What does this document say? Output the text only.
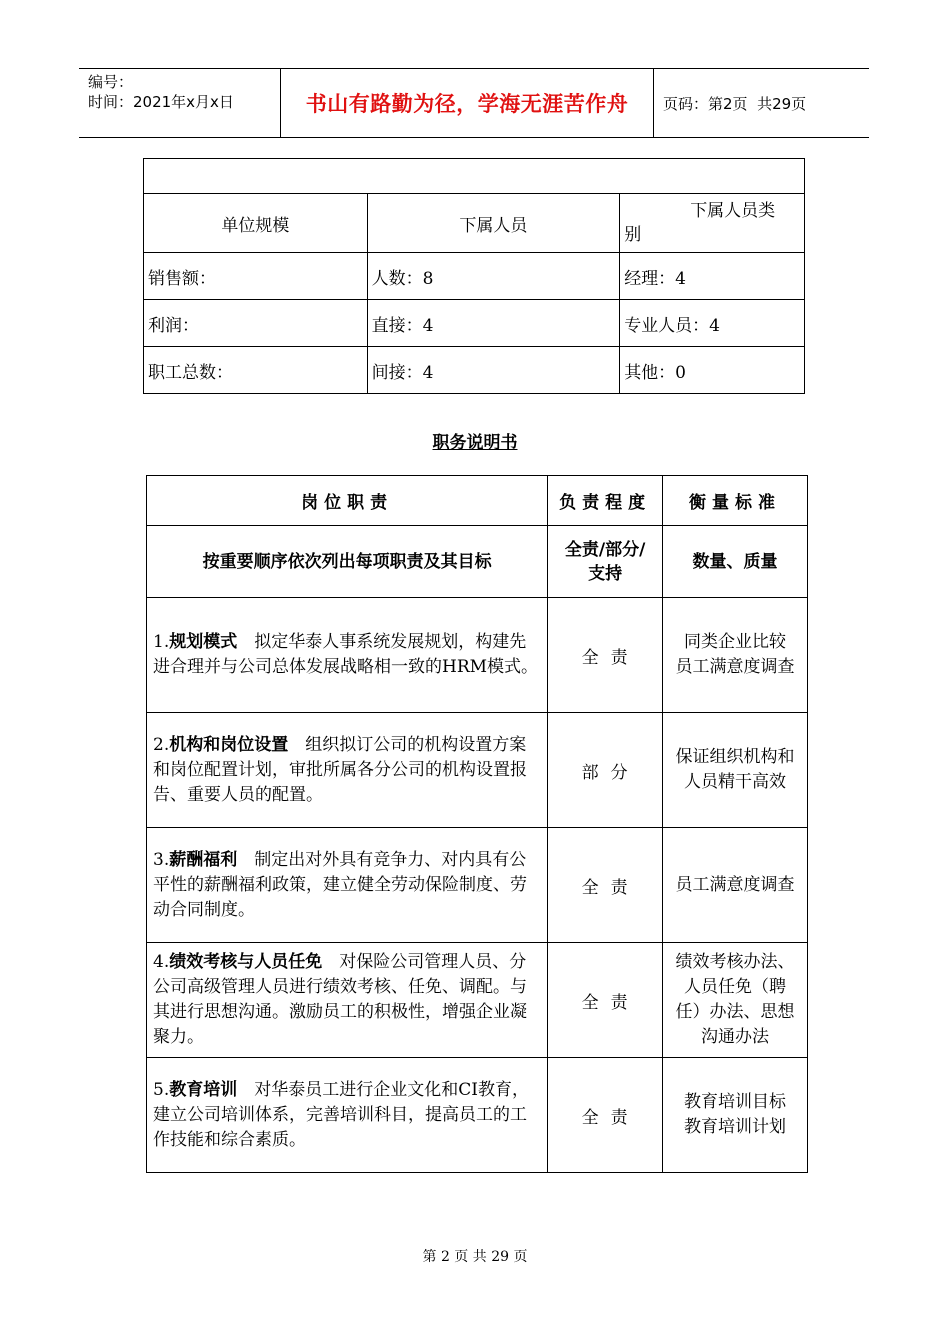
编号：
时间：2021年x月x日	书山有路勤为径，学海无涯苦作舟	页码：第2页  共29页

单位规模	下属人员	下属人员类
别
销售额：	人数：8	经理：4
利润：	直接：4	专业人员：4
职工总数：	间接：4	其他：0
职务说明书
岗位职责	负责程度	衡量标准
按重要顺序依次列出每项职责及其目标	全责/部分/
支持	数量、质量
1.规划模式  拟定华泰人事系统发展规划，构建先进合理并与公司总体发展战略相一致的HRM模式。	全责	同类企业比较
员工满意度调查

2.机构和岗位设置  组织拟订公司的机构设置方案和岗位配置计划，审批所属各分公司的机构设置报告、重要人员的配置。	部分	保证组织机构和
人员精干高效

3.薪酬福利  制定出对外具有竞争力、对内具有公平性的薪酬福利政策，建立健全劳动保险制度、劳动合同制度。	全责	员工满意度调查

4.绩效考核与人员任免  对保险公司管理人员、分公司高级管理人员进行绩效考核、任免、调配。与其进行思想沟通。激励员工的积极性，增强企业凝聚力。	全责	绩效考核办法、
人员任免（聘
任）办法、思想
沟通办法

5.教育培训  对华泰员工进行企业文化和CI教育，建立公司培训体系，完善培训科目，提高员工的工作技能和综合素质。	全责	教育培训目标
教育培训计划
第 2 页 共 29 页
